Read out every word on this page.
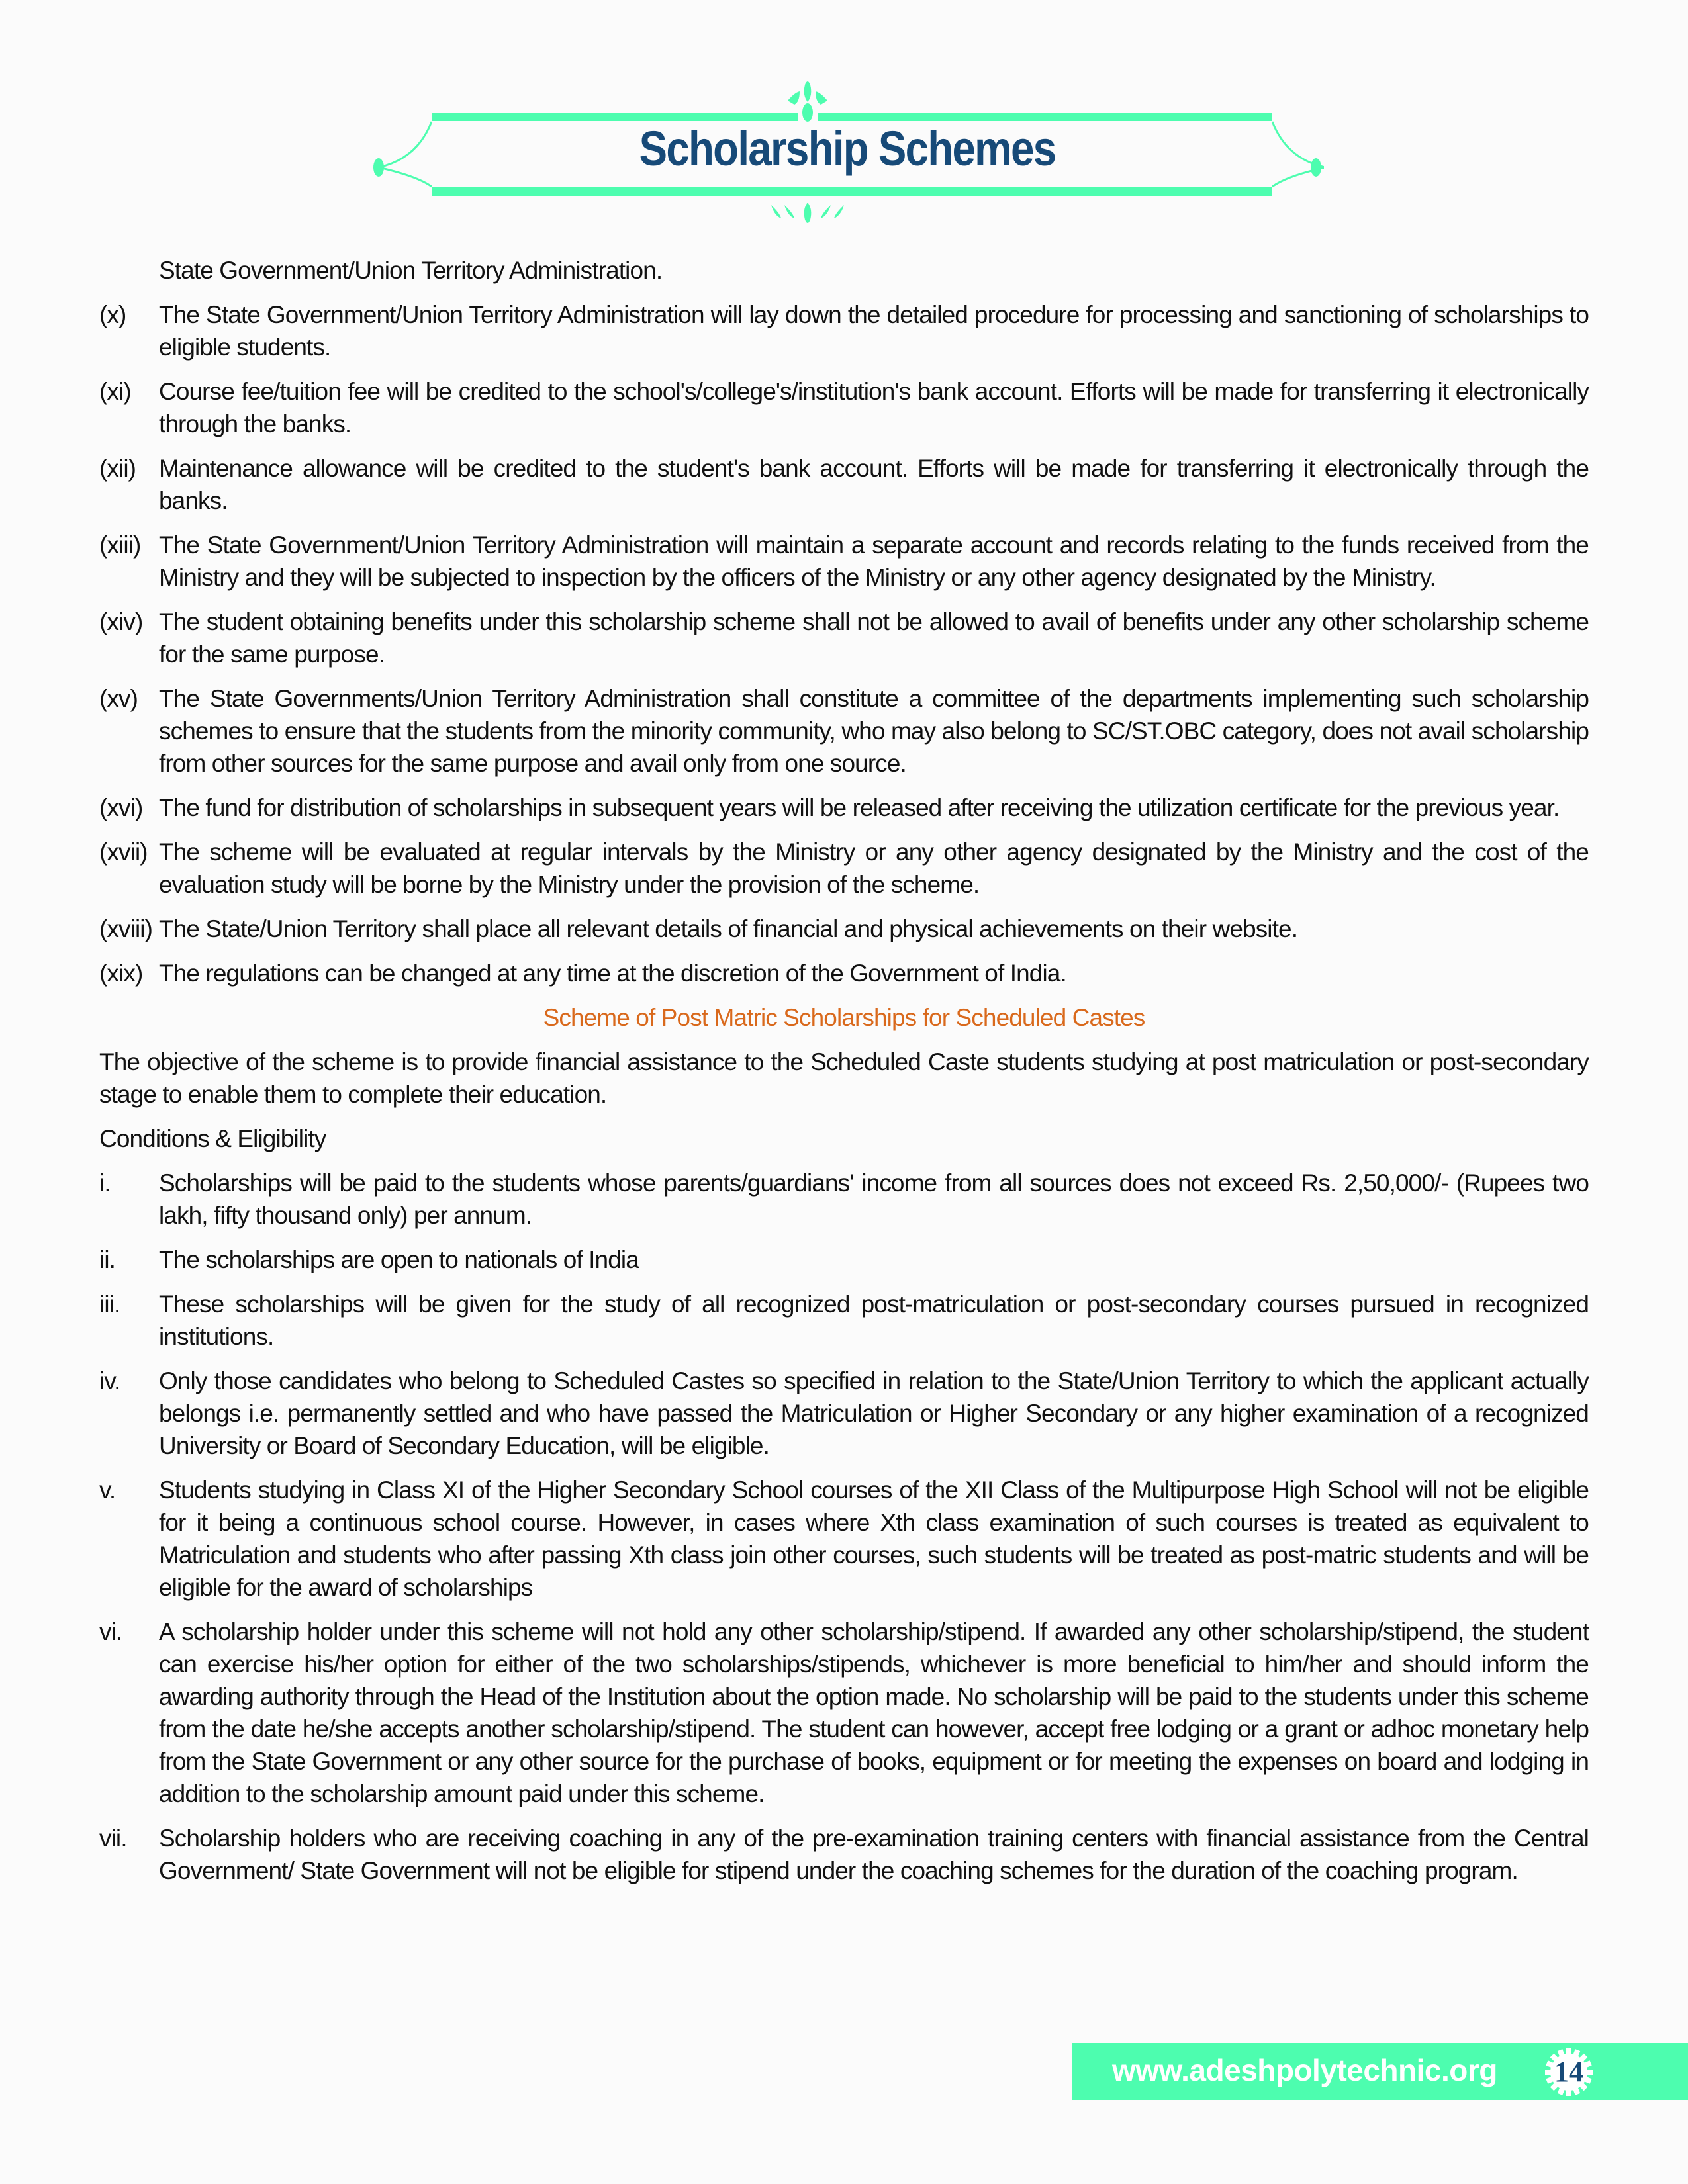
Scholarship Schemes
State Government/Union Territory Administration.
(x) The State Government/Union Territory Administration will lay down the detailed procedure for processing and sanctioning of scholarships to eligible students.
(xi) Course fee/tuition fee will be credited to the school's/college's/institution's bank account. Efforts will be made for transferring it electronically through the banks.
(xii) Maintenance allowance will be credited to the student's bank account. Efforts will be made for transferring it electronically through the banks.
(xiii) The State Government/Union Territory Administration will maintain a separate account and records relating to the funds received from the Ministry and they will be subjected to inspection by the officers of the Ministry or any other agency designated by the Ministry.
(xiv) The student obtaining benefits under this scholarship scheme shall not be allowed to avail of benefits under any other scholarship scheme for the same purpose.
(xv) The State Governments/Union Territory Administration shall constitute a committee of the departments implementing such scholarship schemes to ensure that the students from the minority community, who may also belong to SC/ST.OBC category, does not avail scholarship from other sources for the same purpose and avail only from one source.
(xvi) The fund for distribution of scholarships in subsequent years will be released after receiving the utilization certificate for the previous year.
(xvii) The scheme will be evaluated at regular intervals by the Ministry or any other agency designated by the Ministry and the cost of the evaluation study will be borne by the Ministry under the provision of the scheme.
(xviii) The State/Union Territory shall place all relevant details of financial and physical achievements on their website.
(xix) The regulations can be changed at any time at the discretion of the Government of India.
Scheme of Post Matric Scholarships for Scheduled Castes
The objective of the scheme is to provide financial assistance to the Scheduled Caste students studying at post matriculation or post-secondary stage to enable them to complete their education.
Conditions & Eligibility
i. Scholarships will be paid to the students whose parents/guardians' income from all sources does not exceed Rs. 2,50,000/- (Rupees two lakh, fifty thousand only) per annum.
ii. The scholarships are open to nationals of India
iii. These scholarships will be given for the study of all recognized post-matriculation or post-secondary courses pursued in recognized institutions.
iv. Only those candidates who belong to Scheduled Castes so specified in relation to the State/Union Territory to which the applicant actually belongs i.e. permanently settled and who have passed the Matriculation or Higher Secondary or any higher examination of a recognized University or Board of Secondary Education, will be eligible.
v. Students studying in Class XI of the Higher Secondary School courses of the XII Class of the Multipurpose High School will not be eligible for it being a continuous school course. However, in cases where Xth class examination of such courses is treated as equivalent to Matriculation and students who after passing Xth class join other courses, such students will be treated as post-matric students and will be eligible for the award of scholarships
vi. A scholarship holder under this scheme will not hold any other scholarship/stipend. If awarded any other scholarship/stipend, the student can exercise his/her option for either of the two scholarships/stipends, whichever is more beneficial to him/her and should inform the awarding authority through the Head of the Institution about the option made. No scholarship will be paid to the students under this scheme from the date he/she accepts another scholarship/stipend. The student can however, accept free lodging or a grant or adhoc monetary help from the State Government or any other source for the purchase of books, equipment or for meeting the expenses on board and lodging in addition to the scholarship amount paid under this scheme.
vii. Scholarship holders who are receiving coaching in any of the pre-examination training centers with financial assistance from the Central Government/ State Government will not be eligible for stipend under the coaching schemes for the duration of the coaching program.
www.adeshpolytechnic.org	14
